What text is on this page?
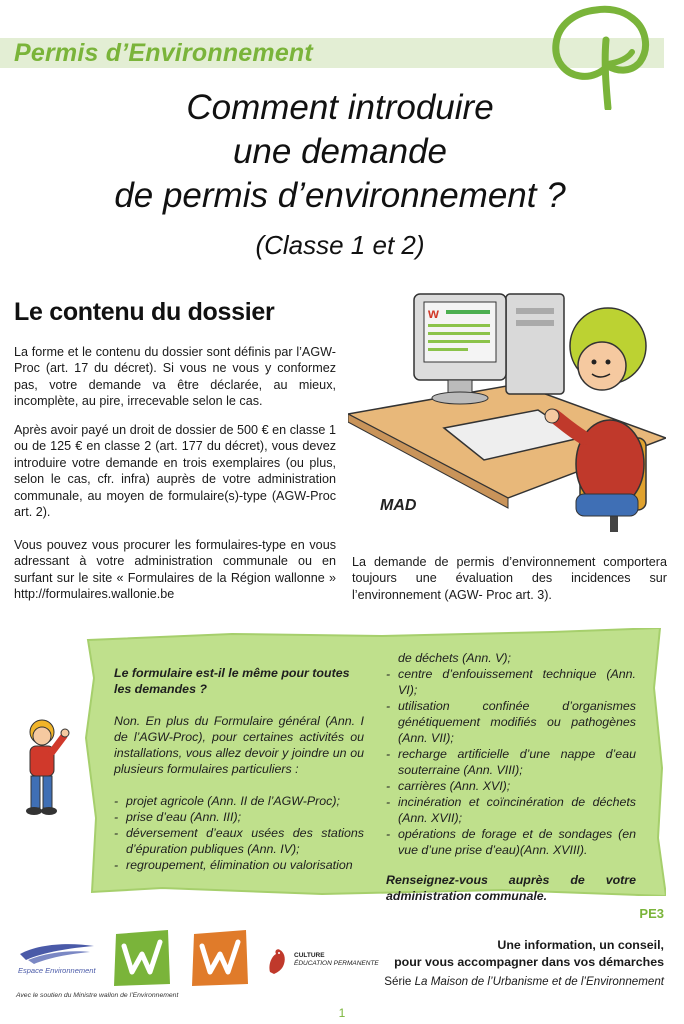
Permis d’Environnement
Comment introduire
une demande
de permis d’environnement ?
(Classe 1 et 2)
Le contenu du dossier
La forme et le contenu du dossier sont définis par l’AGW-Proc (art. 17 du décret). Si vous ne vous y conformez pas, votre demande va être déclarée, au mieux, incomplète, au pire, irrecevable selon le cas.
Après avoir payé un droit de dossier de 500 € en classe 1 ou de 125 € en classe 2 (art. 177 du décret), vous devez introduire votre demande en trois exemplaires (ou plus, selon le cas, cfr. infra) auprès de votre administration communale, au moyen de formulaire(s)-type (AGW-Proc art. 2).
Vous pouvez vous procurer les formulaires-type en vous adressant à votre administration communale ou en surfant sur le site « Formulaires de la Région wallonne » http://formulaires.wallonie.be
La demande de permis d’environnement comportera toujours une évaluation des incidences sur l’environnement (AGW- Proc art. 3).
w
MAD
Le formulaire est-il le même pour toutes les demandes ?
Non. En plus du Formulaire général (Ann. I de l’AGW-Proc), pour certaines activités ou installations, vous allez devoir y joindre un ou plusieurs formulaires particuliers :
- projet agricole (Ann. II de l’AGW-Proc);
- prise d’eau (Ann. III);
- déversement d’eaux usées des stations d’épuration publiques (Ann. IV);
- regroupement, élimination ou valorisation
de déchets (Ann. V);
- centre d’enfouissement technique (Ann. VI);
- utilisation confinée d’organismes génétiquement modifiés ou pathogènes (Ann. VII);
- recharge artificielle d’une nappe d’eau souterraine (Ann. VIII);
- carrières (Ann. XVI);
- incinération et coïncinération de déchets (Ann. XVII);
- opérations de forage et de sondages (en vue d’une prise d’eau)(Ann. XVIII).
Renseignez-vous auprès de votre administration communale.
PE3
Une information, un conseil,
pour vous accompagner dans vos démarches
Série La Maison de l’Urbanisme et de l’Environnement
1
Espace Environnement
Avec le soutien du Ministre wallon de l’Environnement
CULTURE
ÉDUCATION PERMANENTE
